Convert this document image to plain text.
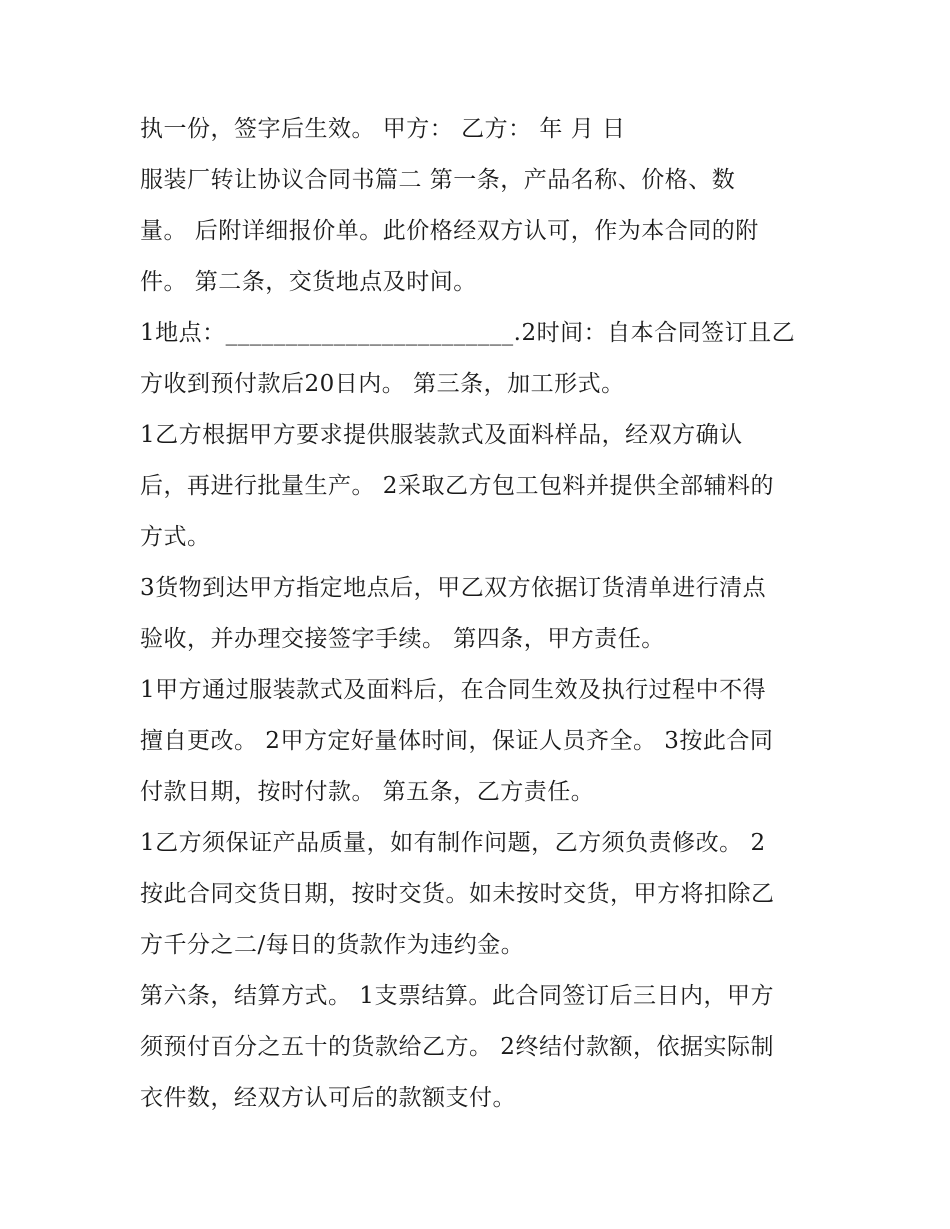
执一份，签字后生效。 甲方： 乙方： 年 月 日
服装厂转让协议合同书篇二 第一条，产品名称、价格、数
量。 后附详细报价单。此价格经双方认可，作为本合同的附
件。 第二条，交货地点及时间。
1地点：________________________.2时间：自本合同签订且乙
方收到预付款后20日内。 第三条，加工形式。
1乙方根据甲方要求提供服装款式及面料样品，经双方确认
后，再进行批量生产。 2采取乙方包工包料并提供全部辅料的
方式。
3货物到达甲方指定地点后，甲乙双方依据订货清单进行清点
验收，并办理交接签字手续。 第四条，甲方责任。
1甲方通过服装款式及面料后，在合同生效及执行过程中不得
擅自更改。 2甲方定好量体时间，保证人员齐全。 3按此合同
付款日期，按时付款。 第五条，乙方责任。
1乙方须保证产品质量，如有制作问题，乙方须负责修改。 2
按此合同交货日期，按时交货。如未按时交货，甲方将扣除乙
方千分之二/每日的货款作为违约金。
第六条，结算方式。 1支票结算。此合同签订后三日内，甲方
须预付百分之五十的货款给乙方。 2终结付款额，依据实际制
衣件数，经双方认可后的款额支付。
